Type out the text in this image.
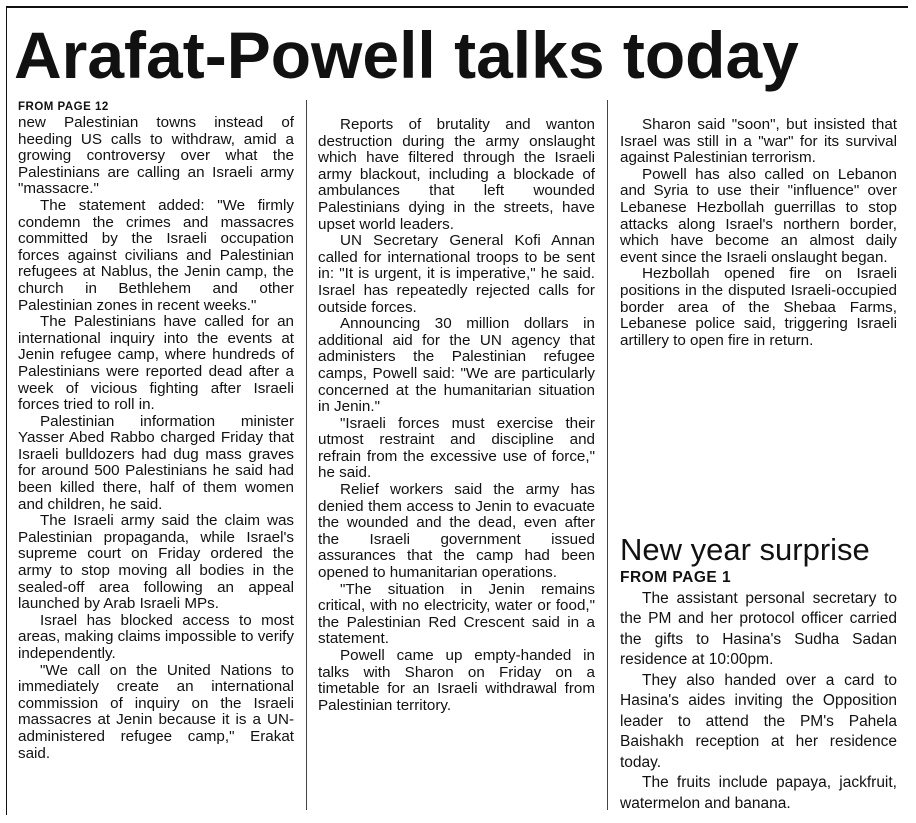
Arafat-Powell talks today

FROM PAGE 12

new Palestinian towns instead of heeding US calls to withdraw, amid a growing controversy over what the Palestinians are calling an Israeli army "massacre."

The statement added: "We firmly condemn the crimes and massacres committed by the Israeli occupation forces against civilians and Palestinian refugees at Nablus, the Jenin camp, the church in Bethlehem and other Palestinian zones in recent weeks."

The Palestinians have called for an international inquiry into the events at Jenin refugee camp, where hundreds of Palestinians were reported dead after a week of vicious fighting after Israeli forces tried to roll in.

Palestinian information minister Yasser Abed Rabbo charged Friday that Israeli bulldozers had dug mass graves for around 500 Palestinians he said had been killed there, half of them women and children, he said.

The Israeli army said the claim was Palestinian propaganda, while Israel's supreme court on Friday ordered the army to stop moving all bodies in the sealed-off area following an appeal launched by Arab Israeli MPs.

Israel has blocked access to most areas, making claims impossible to verify independently.

"We call on the United Nations to immediately create an international commission of inquiry on the Israeli massacres at Jenin because it is a UN-administered refugee camp," Erakat said.

Reports of brutality and wanton destruction during the army onslaught which have filtered through the Israeli army blackout, including a blockade of ambulances that left wounded Palestinians dying in the streets, have upset world leaders.

UN Secretary General Kofi Annan called for international troops to be sent in: "It is urgent, it is imperative," he said. Israel has repeatedly rejected calls for outside forces.

Announcing 30 million dollars in additional aid for the UN agency that administers the Palestinian refugee camps, Powell said: "We are particularly concerned at the humanitarian situation in Jenin."

"Israeli forces must exercise their utmost restraint and discipline and refrain from the excessive use of force," he said.

Relief workers said the army has denied them access to Jenin to evacuate the wounded and the dead, even after the Israeli government issued assurances that the camp had been opened to humanitarian operations.

"The situation in Jenin remains critical, with no electricity, water or food," the Palestinian Red Crescent said in a statement.

Powell came up empty-handed in talks with Sharon on Friday on a timetable for an Israeli withdrawal from Palestinian territory.

Sharon said "soon", but insisted that Israel was still in a "war" for its survival against Palestinian terrorism.

Powell has also called on Lebanon and Syria to use their "influence" over Lebanese Hezbollah guerrillas to stop attacks along Israel's northern border, which have become an almost daily event since the Israeli onslaught began.

Hezbollah opened fire on Israeli positions in the disputed Israeli-occupied border area of the Shebaa Farms, Lebanese police said, triggering Israeli artillery to open fire in return.

New year surprise

FROM PAGE 1

The assistant personal secretary to the PM and her protocol officer carried the gifts to Hasina's Sudha Sadan residence at 10:00pm.

They also handed over a card to Hasina's aides inviting the Opposition leader to attend the PM's Pahela Baishakh reception at her residence today.

The fruits include papaya, jackfruit, watermelon and banana.
